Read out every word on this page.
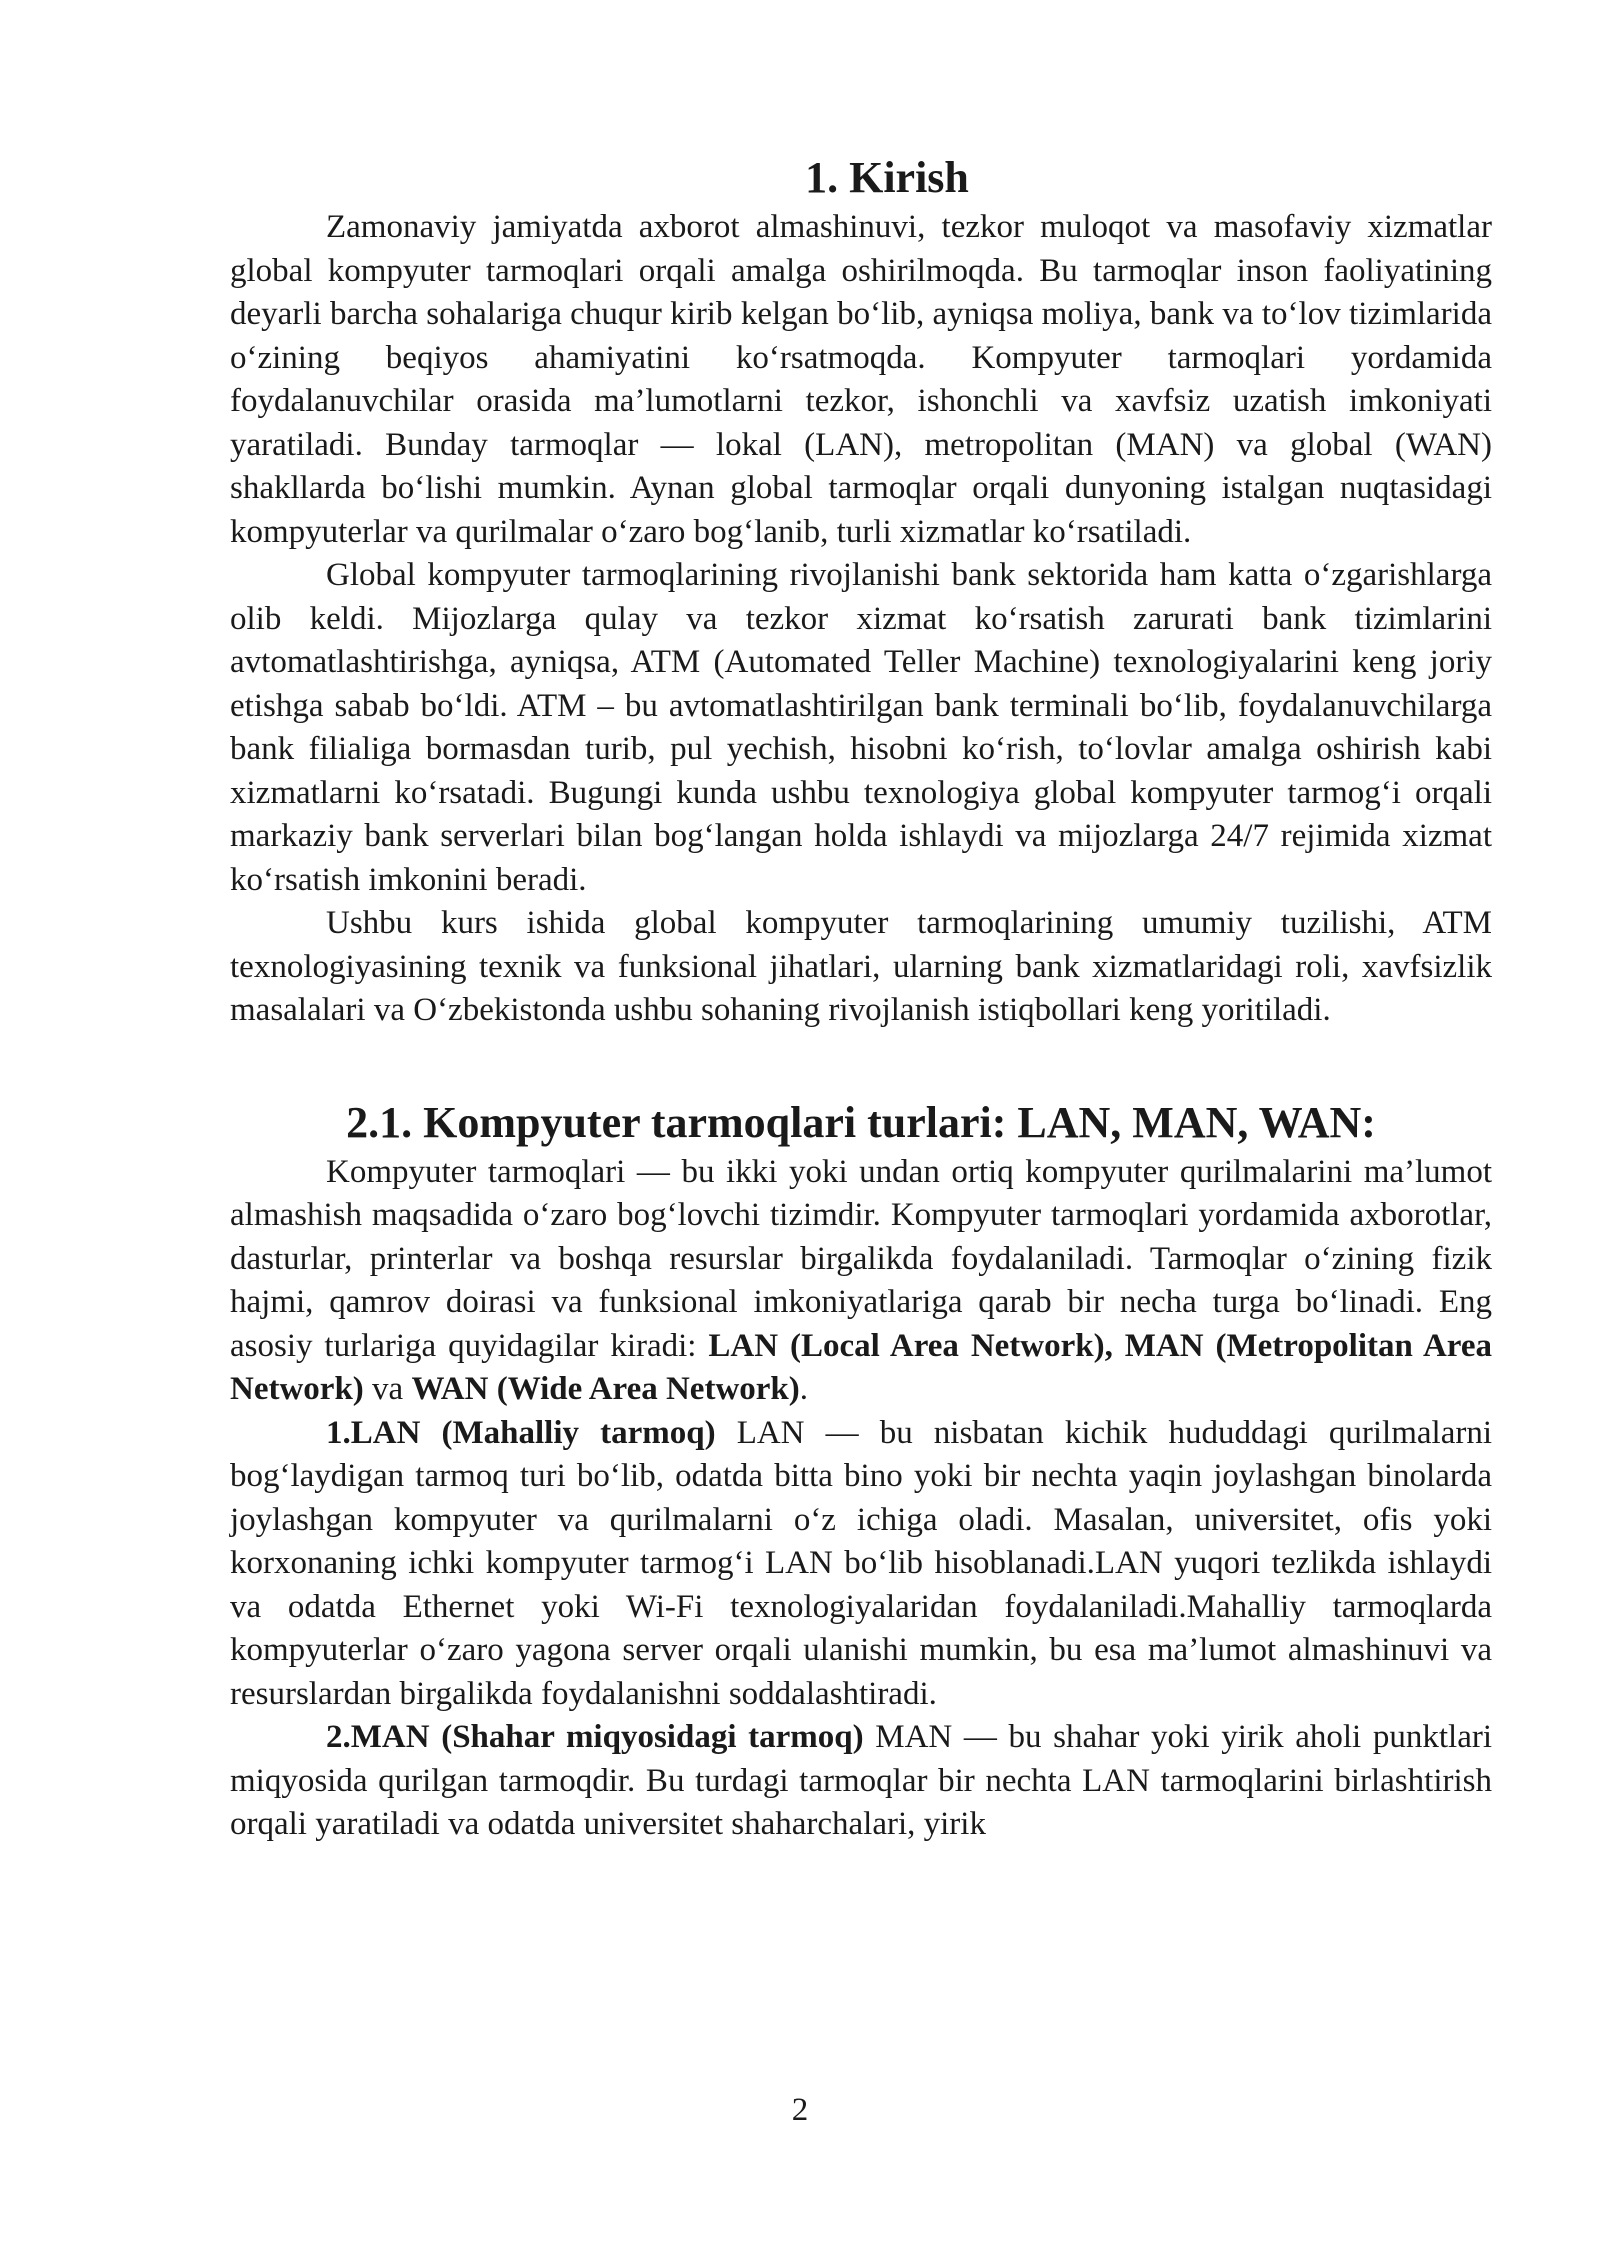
1. Kirish

Zamonaviy jamiyatda axborot almashinuvi, tezkor muloqot va masofaviy xizmatlar global kompyuter tarmoqlari orqali amalga oshirilmoqda. Bu tarmoqlar inson faoliyatining deyarli barcha sohalariga chuqur kirib kelgan bo‘lib, ayniqsa moliya, bank va to‘lov tizimlarida o‘zining beqiyos ahamiyatini ko‘rsatmoqda. Kompyuter tarmoqlari yordamida foydalanuvchilar orasida ma’lumotlarni tezkor, ishonchli va xavfsiz uzatish imkoniyati yaratiladi. Bunday tarmoqlar — lokal (LAN), metropolitan (MAN) va global (WAN) shakllarda bo‘lishi mumkin. Aynan global tarmoqlar orqali dunyoning istalgan nuqtasidagi kompyuterlar va qurilmalar o‘zaro bog‘lanib, turli xizmatlar ko‘rsatiladi.

Global kompyuter tarmoqlarining rivojlanishi bank sektorida ham katta o‘zgarishlarga olib keldi. Mijozlarga qulay va tezkor xizmat ko‘rsatish zarurati bank tizimlarini avtomatlashtirishga, ayniqsa, ATM (Automated Teller Machine) texnologiyalarini keng joriy etishga sabab bo‘ldi. ATM – bu avtomatlashtirilgan bank terminali bo‘lib, foydalanuvchilarga bank filialiga bormasdan turib, pul yechish, hisobni ko‘rish, to‘lovlar amalga oshirish kabi xizmatlarni ko‘rsatadi. Bugungi kunda ushbu texnologiya global kompyuter tarmog‘i orqali markaziy bank serverlari bilan bog‘langan holda ishlaydi va mijozlarga 24/7 rejimida xizmat ko‘rsatish imkonini beradi.

Ushbu kurs ishida global kompyuter tarmoqlarining umumiy tuzilishi, ATM texnologiyasining texnik va funksional jihatlari, ularning bank xizmatlaridagi roli, xavfsizlik masalalari va O‘zbekistonda ushbu sohaning rivojlanish istiqbollari keng yoritiladi.

2.1. Kompyuter tarmoqlari turlari: LAN, MAN, WAN:

Kompyuter tarmoqlari — bu ikki yoki undan ortiq kompyuter qurilmalarini ma’lumot almashish maqsadida o‘zaro bog‘lovchi tizimdir. Kompyuter tarmoqlari yordamida axborotlar, dasturlar, printerlar va boshqa resurslar birgalikda foydalaniladi. Tarmoqlar o‘zining fizik hajmi, qamrov doirasi va funksional imkoniyatlariga qarab bir necha turga bo‘linadi. Eng asosiy turlariga quyidagilar kiradi: LAN (Local Area Network), MAN (Metropolitan Area Network) va WAN (Wide Area Network).

1.LAN (Mahalliy tarmoq) LAN — bu nisbatan kichik hududdagi qurilmalarni bog‘laydigan tarmoq turi bo‘lib, odatda bitta bino yoki bir nechta yaqin joylashgan binolarda joylashgan kompyuter va qurilmalarni o‘z ichiga oladi. Masalan, universitet, ofis yoki korxonaning ichki kompyuter tarmog‘i LAN bo‘lib hisoblanadi.LAN yuqori tezlikda ishlaydi va odatda Ethernet yoki Wi-Fi texnologiyalaridan foydalaniladi.Mahalliy tarmoqlarda kompyuterlar o‘zaro yagona server orqali ulanishi mumkin, bu esa ma’lumot almashinuvi va resurslardan birgalikda foydalanishni soddalashtiradi.

2.MAN (Shahar miqyosidagi tarmoq) MAN — bu shahar yoki yirik aholi punktlari miqyosida qurilgan tarmoqdir. Bu turdagi tarmoqlar bir nechta LAN tarmoqlarini birlashtirish orqali yaratiladi va odatda universitet shaharchalari, yirik

2
